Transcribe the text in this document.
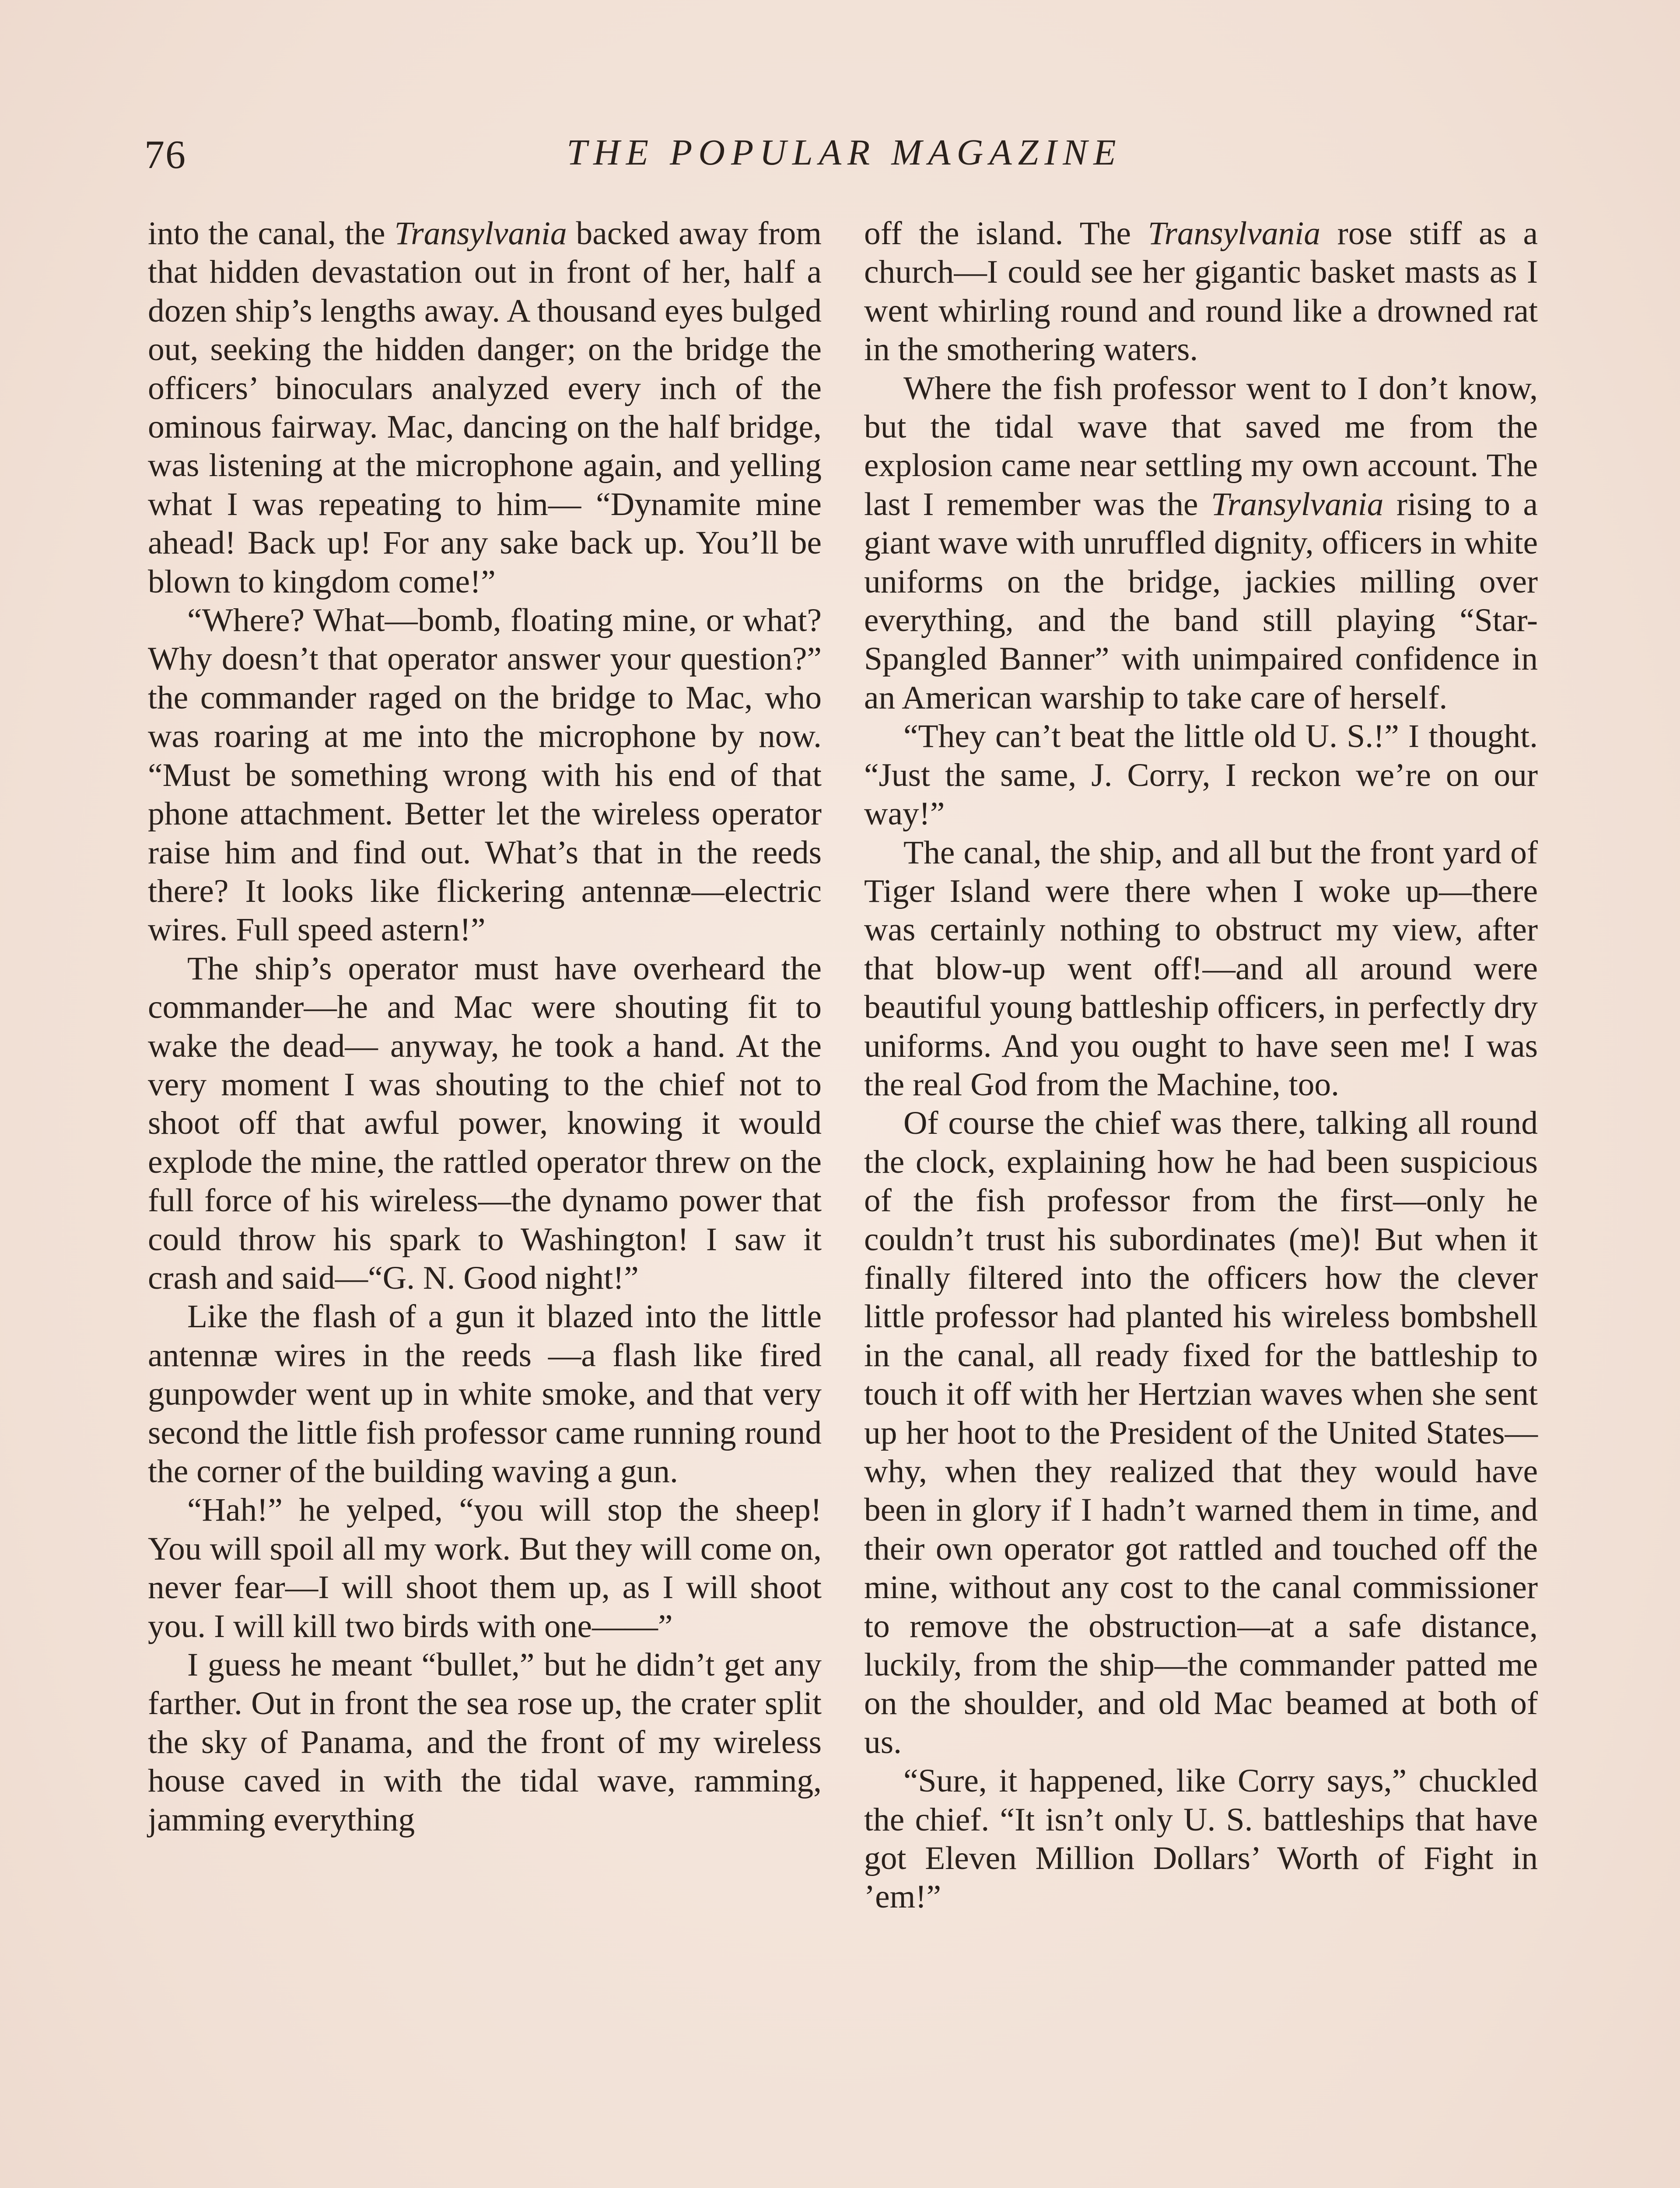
76	THE POPULAR MAGAZINE

into the canal, the Transylvania backed away from that hidden devastation out in front of her, half a dozen ship’s lengths away. A thousand eyes bulged out, seeking the hidden danger; on the bridge the officers’ binoculars analyzed every inch of the ominous fairway. Mac, dancing on the half bridge, was listening at the microphone again, and yelling what I was repeating to him— “Dynamite mine ahead! Back up! For any sake back up. You’ll be blown to kingdom come!”

“Where? What—bomb, floating mine, or what? Why doesn’t that operator answer your question?” the commander raged on the bridge to Mac, who was roaring at me into the microphone by now. “Must be something wrong with his end of that phone attachment. Better let the wireless operator raise him and find out. What’s that in the reeds there? It looks like flickering antennæ—electric wires. Full speed astern!”

The ship’s operator must have overheard the commander—he and Mac were shouting fit to wake the dead— anyway, he took a hand. At the very moment I was shouting to the chief not to shoot off that awful power, knowing it would explode the mine, the rattled operator threw on the full force of his wireless—the dynamo power that could throw his spark to Washington! I saw it crash and said—“G. N. Good night!”

Like the flash of a gun it blazed into the little antennæ wires in the reeds —a flash like fired gunpowder went up in white smoke, and that very second the little fish professor came running round the corner of the building waving a gun.

“Hah!” he yelped, “you will stop the sheep! You will spoil all my work. But they will come on, never fear—I will shoot them up, as I will shoot you. I will kill two birds with one——”

I guess he meant “bullet,” but he didn’t get any farther. Out in front the sea rose up, the crater split the sky of Panama, and the front of my wireless house caved in with the tidal wave, ramming, jamming everything

off the island. The Transylvania rose stiff as a church—I could see her gigantic basket masts as I went whirling round and round like a drowned rat in the smothering waters.

Where the fish professor went to I don’t know, but the tidal wave that saved me from the explosion came near settling my own account. The last I remember was the Transylvania rising to a giant wave with unruffled dignity, officers in white uniforms on the bridge, jackies milling over everything, and the band still playing “Star-Spangled Banner” with unimpaired confidence in an American warship to take care of herself.

“They can’t beat the little old U. S.!” I thought. “Just the same, J. Corry, I reckon we’re on our way!”

The canal, the ship, and all but the front yard of Tiger Island were there when I woke up—there was certainly nothing to obstruct my view, after that blow-up went off!—and all around were beautiful young battleship officers, in perfectly dry uniforms. And you ought to have seen me! I was the real God from the Machine, too.

Of course the chief was there, talking all round the clock, explaining how he had been suspicious of the fish professor from the first—only he couldn’t trust his subordinates (me)! But when it finally filtered into the officers how the clever little professor had planted his wireless bombshell in the canal, all ready fixed for the battleship to touch it off with her Hertzian waves when she sent up her hoot to the President of the United States—why, when they realized that they would have been in glory if I hadn’t warned them in time, and their own operator got rattled and touched off the mine, without any cost to the canal commissioner to remove the obstruction—at a safe distance, luckily, from the ship—the commander patted me on the shoulder, and old Mac beamed at both of us.

“Sure, it happened, like Corry says,” chuckled the chief. “It isn’t only U. S. battleships that have got Eleven Million Dollars’ Worth of Fight in ’em!”
